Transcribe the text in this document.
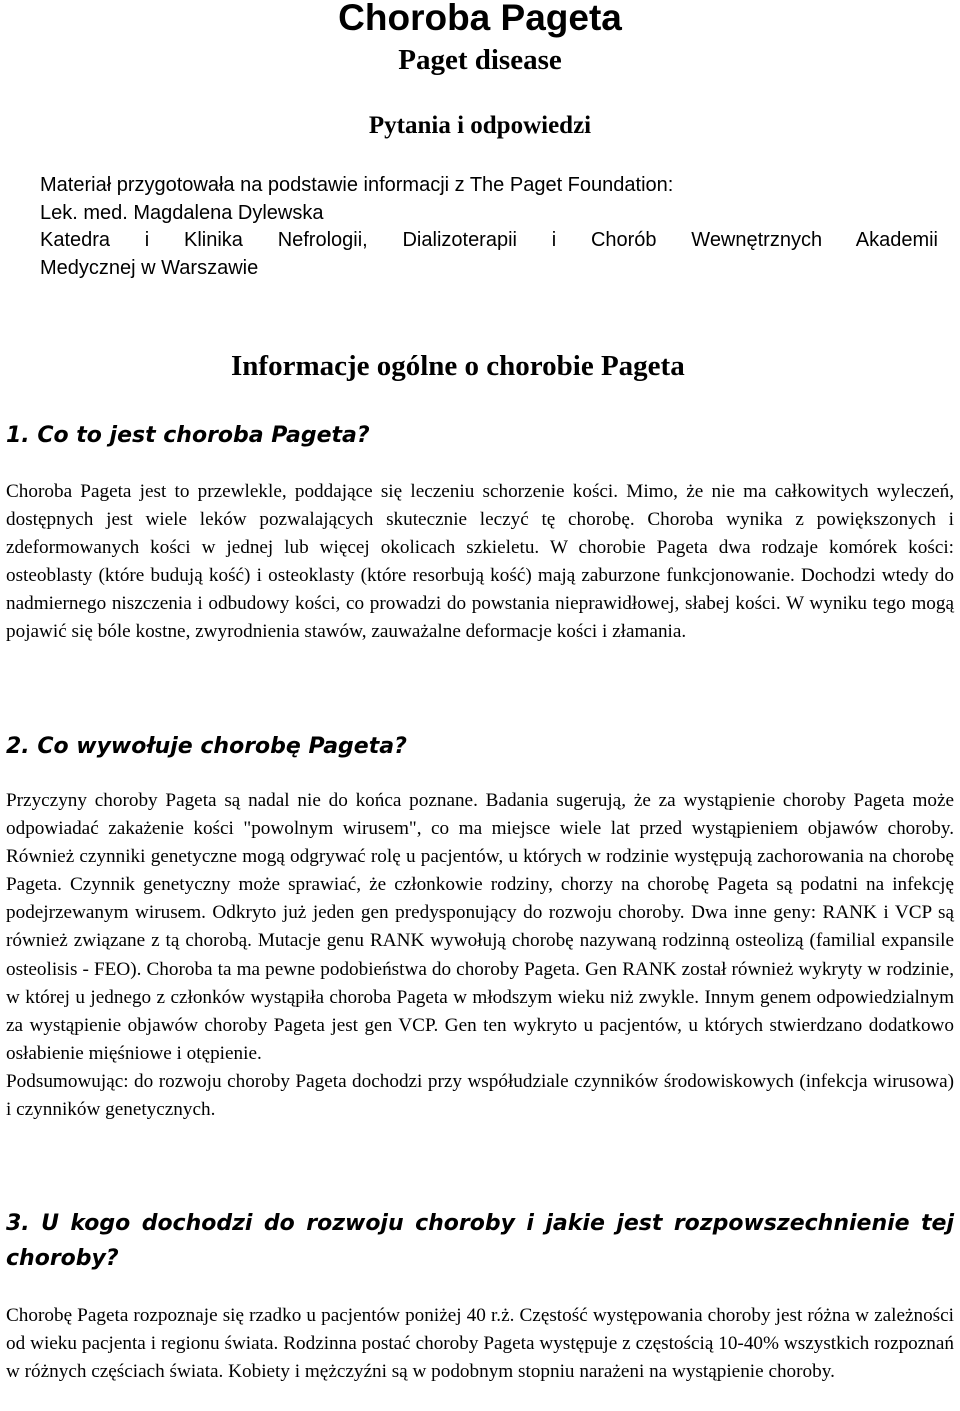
Choroba Pageta
Paget disease
Pytania i odpowiedzi
Materiał przygotowała na podstawie informacji z The Paget Foundation:
Lek. med. Magdalena Dylewska
Katedra i Klinika Nefrologii, Dializoterapii i Chorób Wewnętrznych Akademii
Medycznej w Warszawie
Informacje ogólne o chorobie Pageta
1. Co to jest choroba Pageta?

Choroba Pageta jest to przewlekle, poddające się leczeniu schorzenie kości. Mimo, że nie ma całkowitych wyleczeń, dostępnych jest wiele leków pozwalających skutecznie leczyć tę chorobę. Choroba wynika z powiększonych i zdeformowanych kości w jednej lub więcej okolicach szkieletu. W chorobie Pageta dwa rodzaje komórek kości: osteoblasty (które budują kość) i osteoklasty (które resorbują kość) mają zaburzone funkcjonowanie. Dochodzi wtedy do nadmiernego niszczenia i odbudowy kości, co prowadzi do powstania nieprawidłowej, słabej kości. W wyniku tego mogą pojawić się bóle kostne, zwyrodnienia stawów, zauważalne deformacje kości i złamania.

2. Co wywołuje chorobę Pageta?

Przyczyny choroby Pageta są nadal nie do końca poznane. Badania sugerują, że za wystąpienie choroby Pageta może odpowiadać zakażenie kości "powolnym wirusem", co ma miejsce wiele lat przed wystąpieniem objawów choroby. Również czynniki genetyczne mogą odgrywać rolę u pacjentów, u których w rodzinie występują zachorowania na chorobę Pageta. Czynnik genetyczny może sprawiać, że członkowie rodziny, chorzy na chorobę Pageta są podatni na infekcję podejrzewanym wirusem. Odkryto już jeden gen predysponujący do rozwoju choroby. Dwa inne geny: RANK i VCP są również związane z tą chorobą. Mutacje genu RANK wywołują chorobę nazywaną rodzinną osteolizą (familial expansile osteolisis - FEO). Choroba ta ma pewne podobieństwa do choroby Pageta. Gen RANK został również wykryty w rodzinie, w której u jednego z członków wystąpiła choroba Pageta w młodszym wieku niż zwykle. Innym genem odpowiedzialnym za wystąpienie objawów choroby Pageta jest gen VCP. Gen ten wykryto u pacjentów, u których stwierdzano dodatkowo osłabienie mięśniowe i otępienie.

Podsumowując: do rozwoju choroby Pageta dochodzi przy współudziale czynników środowiskowych (infekcja wirusowa) i czynników genetycznych.

3. U kogo dochodzi do rozwoju choroby i jakie jest rozpowszechnienie tej
choroby?

Chorobę Pageta rozpoznaje się rzadko u pacjentów poniżej 40 r.ż. Częstość występowania choroby jest różna w zależności od wieku pacjenta i regionu świata. Rodzinna postać choroby Pageta występuje z częstością 10-40% wszystkich rozpoznań w różnych częściach świata. Kobiety i mężczyźni są w podobnym stopniu narażeni na wystąpienie choroby.
